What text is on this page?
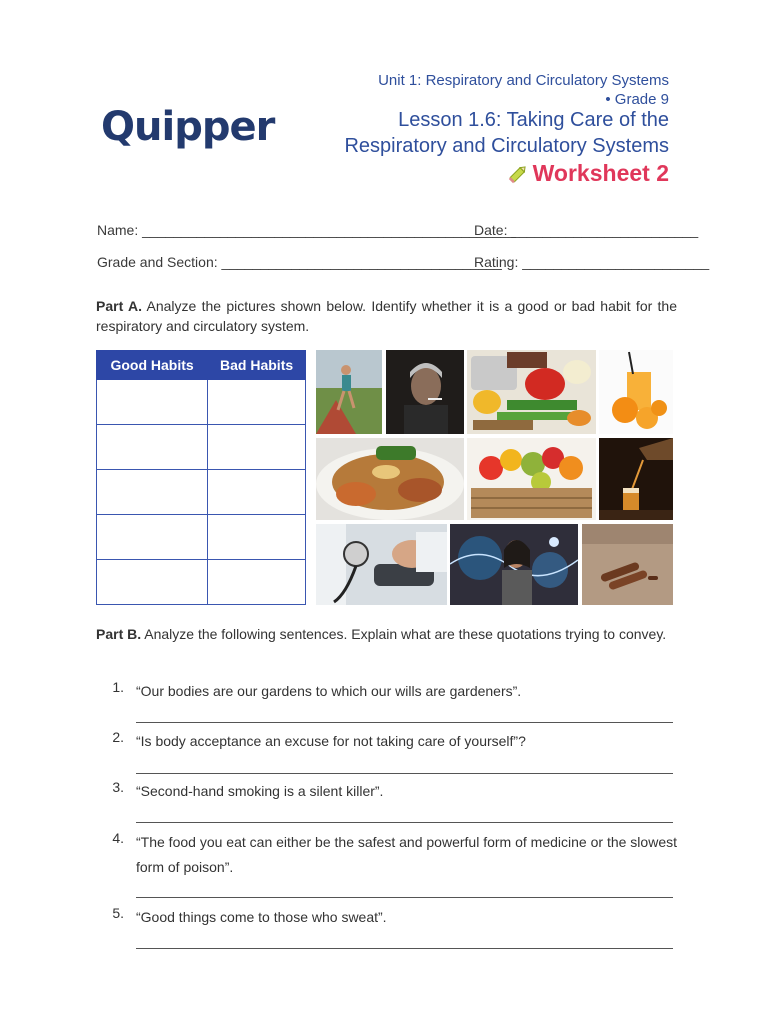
Quipper
Unit 1: Respiratory and Circulatory Systems
• Grade 9
Lesson 1.6: Taking Care of the
Respiratory and Circulatory Systems
Worksheet 2
Name: ________________________________________________
Date: ________________________
Grade and Section: ____________________________________
Rating: ________________________
Part A. Analyze the pictures shown below. Identify whether it is a good or bad habit for the respiratory and circulatory system.
Good Habits	Bad Habits

Part B. Analyze the following sentences. Explain what are these quotations trying to convey.
1. “Our bodies are our gardens to which our wills are gardeners”.
2. “Is body acceptance an excuse for not taking care of yourself”?
3. “Second-hand smoking is a silent killer”.
4. “The food you eat can either be the safest and powerful form of medicine or the slowest form of poison”.
5. “Good things come to those who sweat”.
